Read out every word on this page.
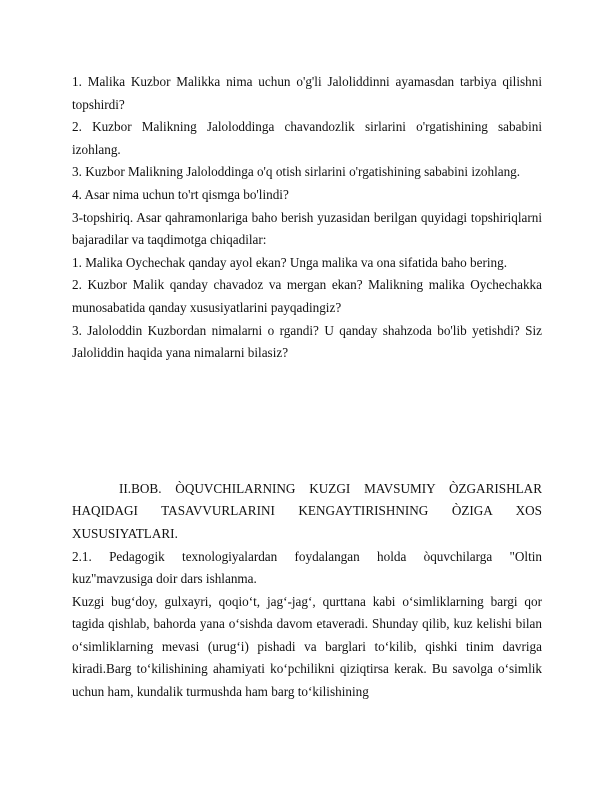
1. Malika Kuzbor Malikka nima uchun o'g'li Jaloliddinni ayamasdan tarbiya qilishni topshirdi?

2. Kuzbor Malikning Jaloloddinga chavandozlik sirlarini o'rgatishining sababini izohlang.

3. Kuzbor Malikning Jaloloddinga o'q otish sirlarini o'rgatishining sababini izohlang.

4. Asar nima uchun to'rt qismga bo'lindi?

3-topshiriq. Asar qahramonlariga baho berish yuzasidan berilgan quyidagi topshiriqlarni bajaradilar va taqdimotga chiqadilar:

1. Malika Oychechak qanday ayol ekan? Unga malika va ona sifatida baho bering.

2. Kuzbor Malik qanday chavadoz va mergan ekan? Malikning malika Oychechakka munosabatida qanday xususiyatlarini payqadingiz?

3. Jaloloddin Kuzbordan nimalarni o rgandi? U qanday shahzoda bo'lib yetishdi? Siz Jaloliddin haqida yana nimalarni bilasiz?

II.BOB. ÒQUVCHILARNING KUZGI MAVSUMIY ÒZGARISHLAR HAQIDAGI TASAVVURLARINI KENGAYTIRISHNING ÒZIGA XOS XUSUSIYATLARI.

2.1. Pedagogik texnologiyalardan foydalangan holda òquvchilarga "Oltin kuz"mavzusiga doir dars ishlanma.

Kuzgi bug‘doy, gulxayri, qoqio‘t, jag‘-jag‘, qurttana kabi o‘simliklarning bargi qor tagida qishlab, bahorda yana o‘sishda davom etaveradi. Shunday qilib, kuz kelishi bilan o‘simliklarning mevasi (urug‘i) pishadi va barglari to‘kilib, qishki tinim davriga kiradi.Barg to‘kilishining ahamiyati ko‘pchilikni qiziqtirsa kerak. Bu savolga o‘simlik uchun ham, kundalik turmushda ham barg to‘kilishining
